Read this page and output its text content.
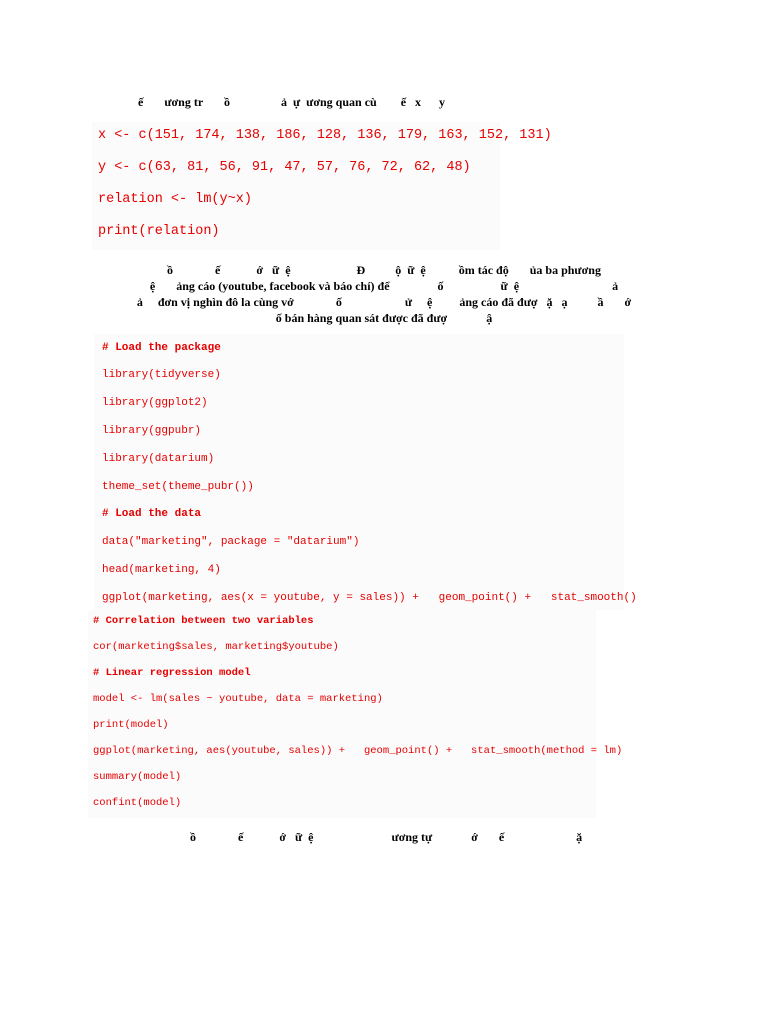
ế       ương tr       ồ                 ả  ự  ương quan cù        ế   x      y
x <- c(151, 174, 138, 186, 128, 136, 179, 163, 152, 131)
y <- c(63, 81, 56, 91, 47, 57, 76, 72, 62, 48)
relation <- lm(y~x)
print(relation)
ồ              ế            ớ   ữ  ệ                      Đ          ộ  ữ  ệ           ồm tác độ       ủa ba phương
ệ       ảng cáo (youtube, facebook và báo chí) để                ố                   ữ  ệ                               ả
ả     đơn vị nghìn đô la cùng vớ              ố                     ử     ệ         ảng cáo đã đượ   ặ   ạ          ầ       ớ
ố bán hàng quan sát được đã đượ             ậ
# Load the package
library(tidyverse)
library(ggplot2)
library(ggpubr)
library(datarium)
theme_set(theme_pubr())
# Load the data
data("marketing", package = "datarium")
head(marketing, 4)
ggplot(marketing, aes(x = youtube, y = sales)) +   geom_point() +   stat_smooth()
# Correlation between two variables
cor(marketing$sales, marketing$youtube)
# Linear regression model
model <- lm(sales ~ youtube, data = marketing)
print(model)
ggplot(marketing, aes(youtube, sales)) +   geom_point() +   stat_smooth(method = lm)
summary(model)
confint(model)
ồ              ế            ớ   ữ  ệ                          ương tự             ớ       ế                        ặ
